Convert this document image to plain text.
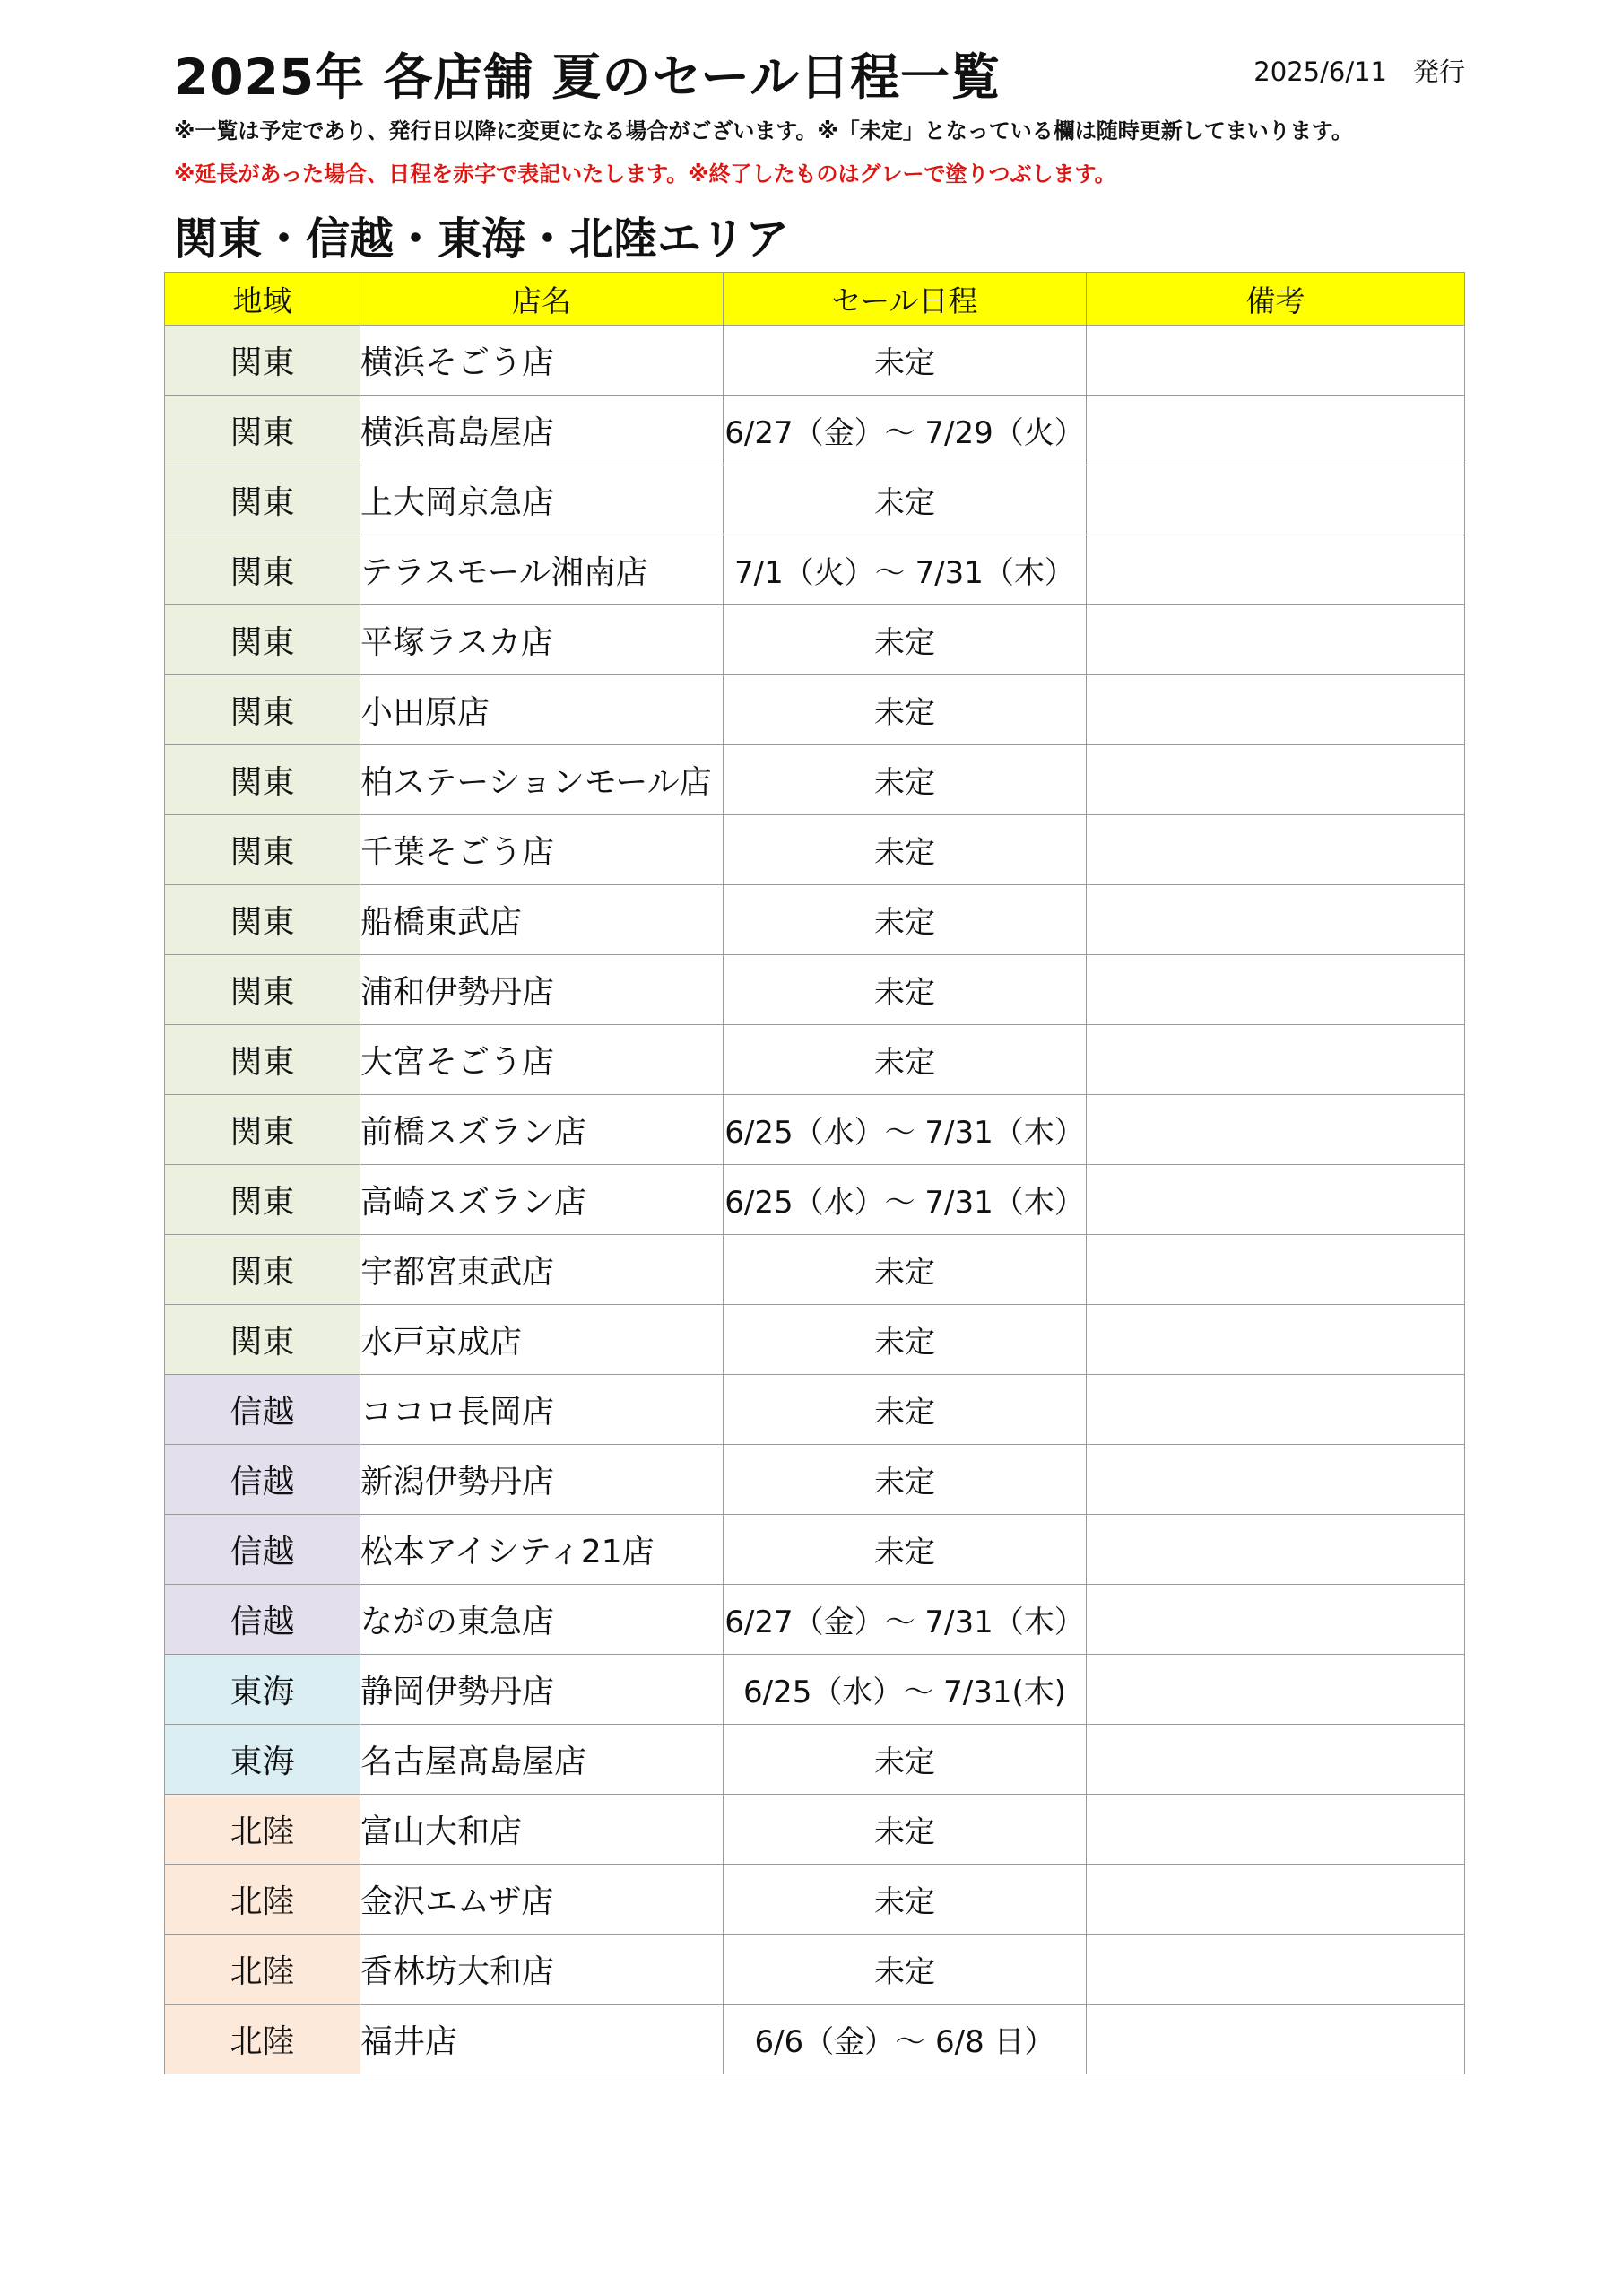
2025年 各店舗 夏のセール日程一覧	2025/6/11　発行
※一覧は予定であり、発行日以降に変更になる場合がございます。※「未定」となっている欄は随時更新してまいります。
※延長があった場合、日程を赤字で表記いたします。※終了したものはグレーで塗りつぶします。
関東・信越・東海・北陸エリア
地域	店名	セール日程	備考
関東	横浜そごう店	未定	
関東	横浜髙島屋店	6/27（金）～ 7/29（火）	
関東	上大岡京急店	未定	
関東	テラスモール湘南店	7/1（火）～ 7/31（木）	
関東	平塚ラスカ店	未定	
関東	小田原店	未定	
関東	柏ステーションモール店	未定	
関東	千葉そごう店	未定	
関東	船橋東武店	未定	
関東	浦和伊勢丹店	未定	
関東	大宮そごう店	未定	
関東	前橋スズラン店	6/25（水）～ 7/31（木）	
関東	高崎スズラン店	6/25（水）～ 7/31（木）	
関東	宇都宮東武店	未定	
関東	水戸京成店	未定	
信越	ココロ長岡店	未定	
信越	新潟伊勢丹店	未定	
信越	松本アイシティ21店	未定	
信越	ながの東急店	6/27（金）～ 7/31（木）	
東海	静岡伊勢丹店	6/25（水）～ 7/31(木)	
東海	名古屋髙島屋店	未定	
北陸	富山大和店	未定	
北陸	金沢エムザ店	未定	
北陸	香林坊大和店	未定	
北陸	福井店	6/6（金）～ 6/8 日）	
